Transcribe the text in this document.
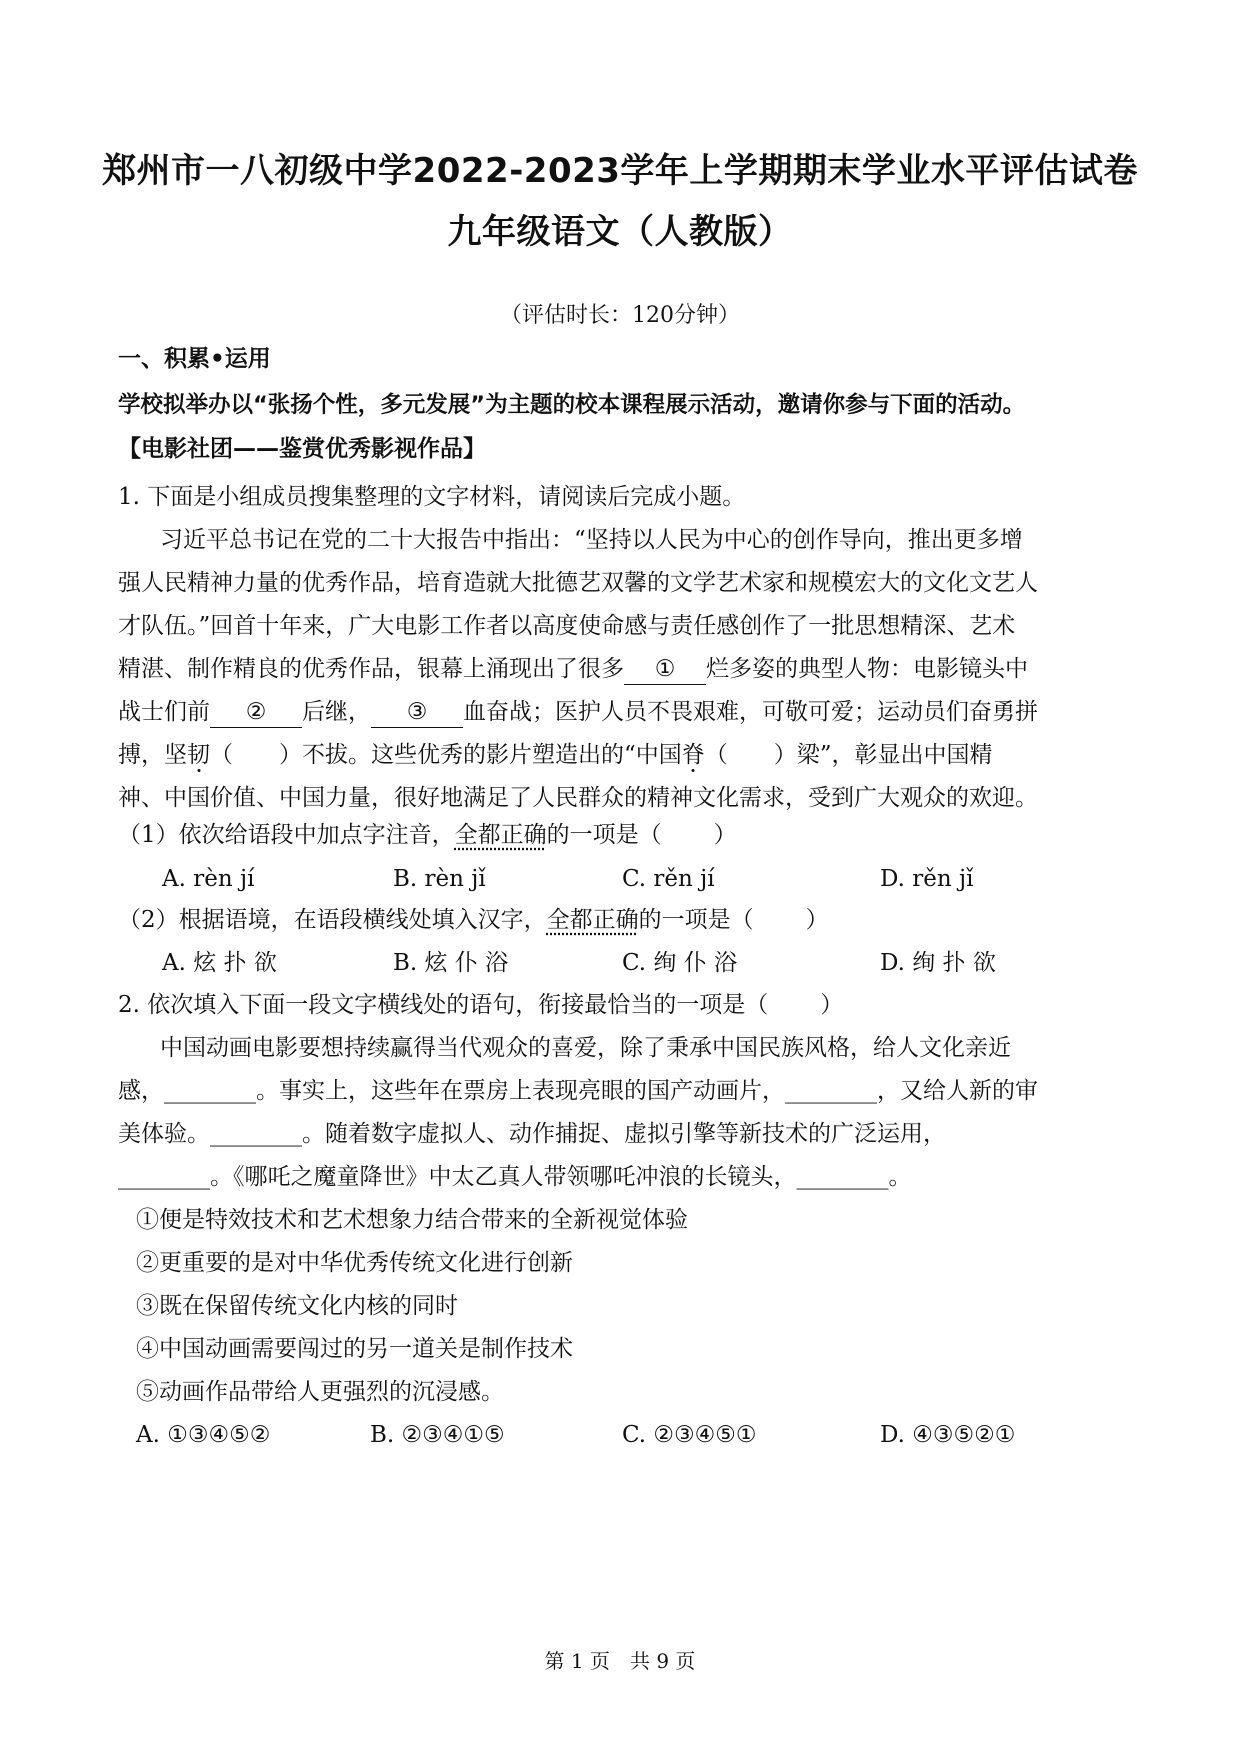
郑州市一八初级中学2022-2023学年上学期期末学业水平评估试卷
九年级语文（人教版）
（评估时长：120分钟）
一、积累•运用
学校拟举办以“张扬个性，多元发展”为主题的校本课程展示活动，邀请你参与下面的活动。
【电影社团——鉴赏优秀影视作品】
1. 下面是小组成员搜集整理的文字材料，请阅读后完成小题。
习近平总书记在党的二十大报告中指出：“坚持以人民为中心的创作导向，推出更多增
强人民精神力量的优秀作品，培育造就大批德艺双馨的文学艺术家和规模宏大的文化文艺人
才队伍。”回首十年来，广大电影工作者以高度使命感与责任感创作了一批思想精深、艺术
精湛、制作精良的优秀作品，银幕上涌现出了很多 ① 烂多姿的典型人物：电影镜头中
战士们前 ② 后继， ③ 血奋战；医护人员不畏艰难，可敬可爱；运动员们奋勇拼
搏，坚韧（ ）不拔。这些优秀的影片塑造出的“中国脊（ ）梁”，彰显出中国精
神、中国价值、中国力量，很好地满足了人民群众的精神文化需求，受到广大观众的欢迎。
（1）依次给语段中加点字注音，全都正确的一项是（ ）
A. rèn jí	B. rèn jǐ	C. rěn jí	D. rěn jǐ
（2）根据语境，在语段横线处填入汉字，全都正确的一项是（ ）
A. 炫 扑 欲	B. 炫 仆 浴	C. 绚 仆 浴	D. 绚 扑 欲
2. 依次填入下面一段文字横线处的语句，衔接最恰当的一项是（ ）
中国动画电影要想持续赢得当代观众的喜爱，除了秉承中国民族风格，给人文化亲近
感，________。事实上，这些年在票房上表现亮眼的国产动画片，________，又给人新的审
美体验。________。随着数字虚拟人、动作捕捉、虚拟引擎等新技术的广泛运用，
________。《哪吒之魔童降世》中太乙真人带领哪吒冲浪的长镜头，________。
①便是特效技术和艺术想象力结合带来的全新视觉体验
②更重要的是对中华优秀传统文化进行创新
③既在保留传统文化内核的同时
④中国动画需要闯过的另一道关是制作技术
⑤动画作品带给人更强烈的沉浸感。
A. ①③④⑤②	B. ②③④①⑤	C. ②③④⑤①	D. ④③⑤②①
第 1 页　共 9 页
